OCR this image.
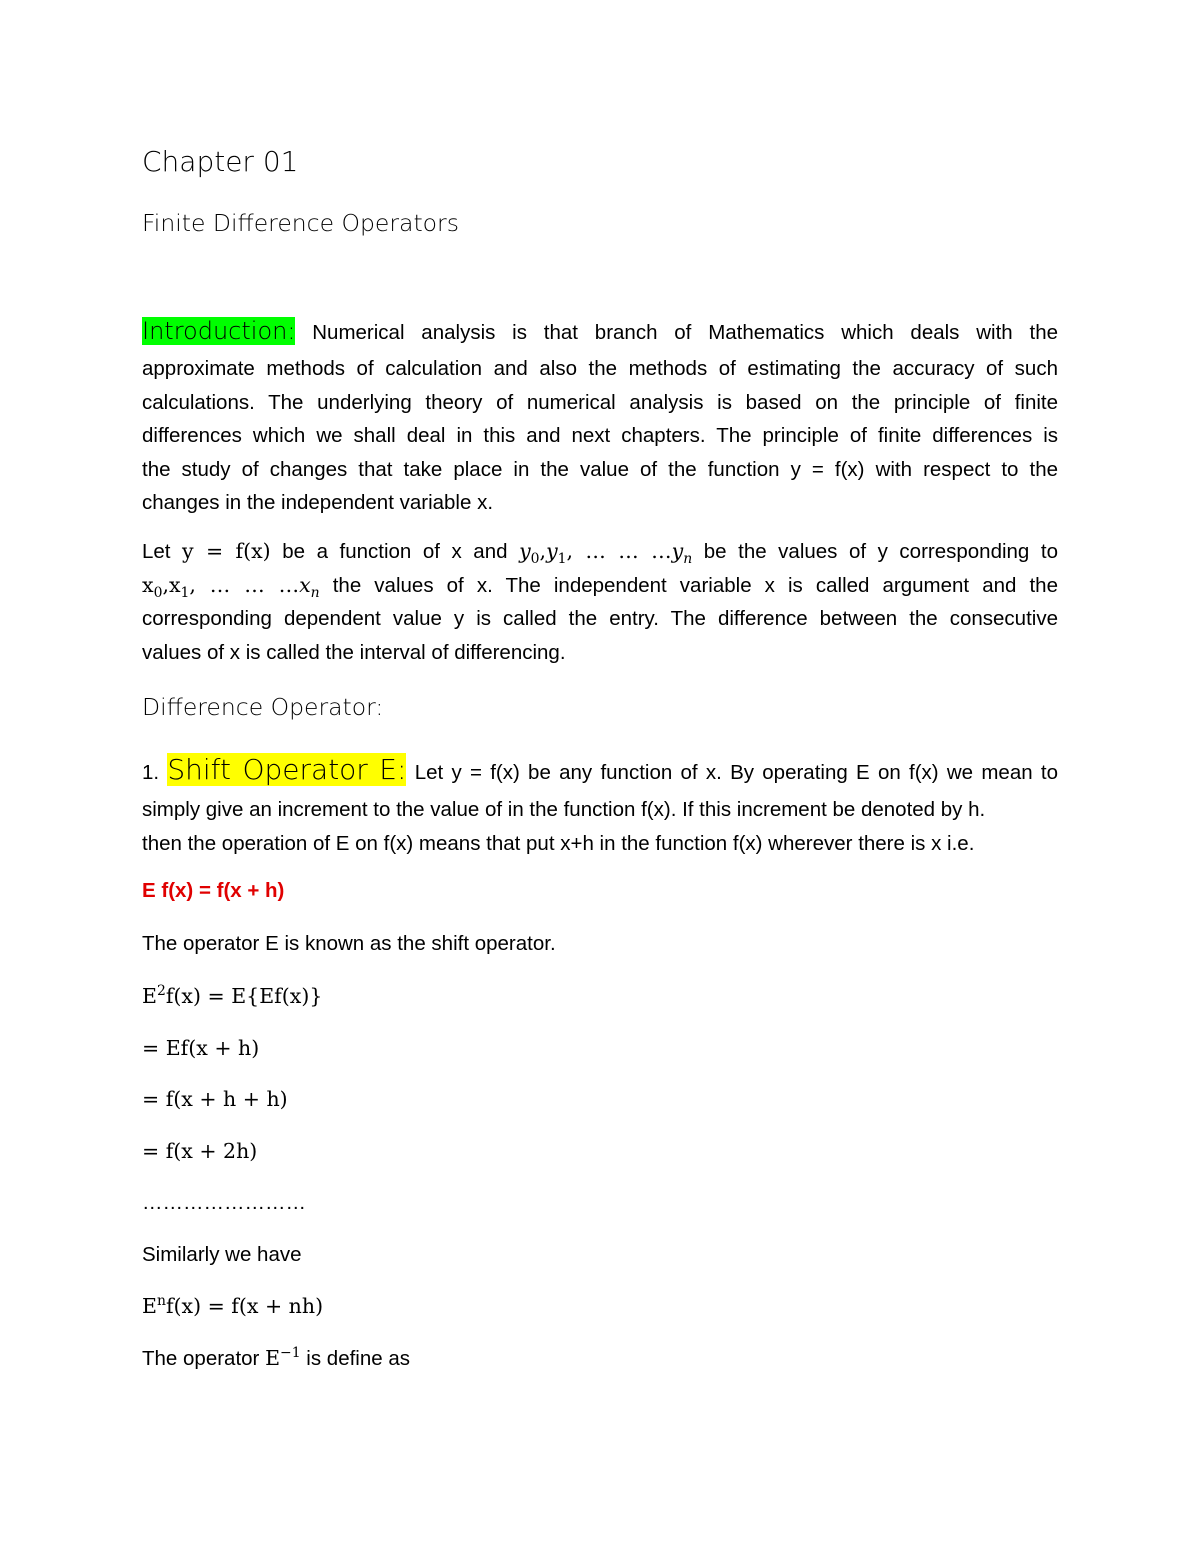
Chapter 01
Finite Difference Operators
Introduction: Numerical analysis is that branch of Mathematics which deals with the
approximate methods of calculation and also the methods of estimating the accuracy of such
calculations. The underlying theory of numerical analysis is based on the principle of finite
differences which we shall deal in this and next chapters. The principle of finite differences is
the study of changes that take place in the value of the function y = f(x) with respect to the
changes in the independent variable x.
Let y = f(x) be a function of x and $y_0,y_1$, … … $\dots y_n$ be the values of y corresponding to
$x_0,x_1$, … … $\dots x_n$ the values of x. The independent variable x is called argument and the
corresponding dependent value y is called the entry. The difference between the consecutive
values of x is called the interval of differencing.
Difference Operator:
1. Shift Operator E: Let y = f(x) be any function of x. By operating E on f(x) we mean to
simply give an increment to the value of in the function f(x). If this increment be denoted by h.
then the operation of E on f(x) means that put x+h in the function f(x) wherever there is x i.e.
E f(x) = f(x + h)
The operator E is known as the shift operator.
$E^2f(x) = E\{Ef(x)\}$
= Ef(x + h)
= f(x + h + h)
= f(x + 2h)
……………………
Similarly we have
$E^nf(x) = f(x + nh)$
The operator $E^{-1}$ is define as
